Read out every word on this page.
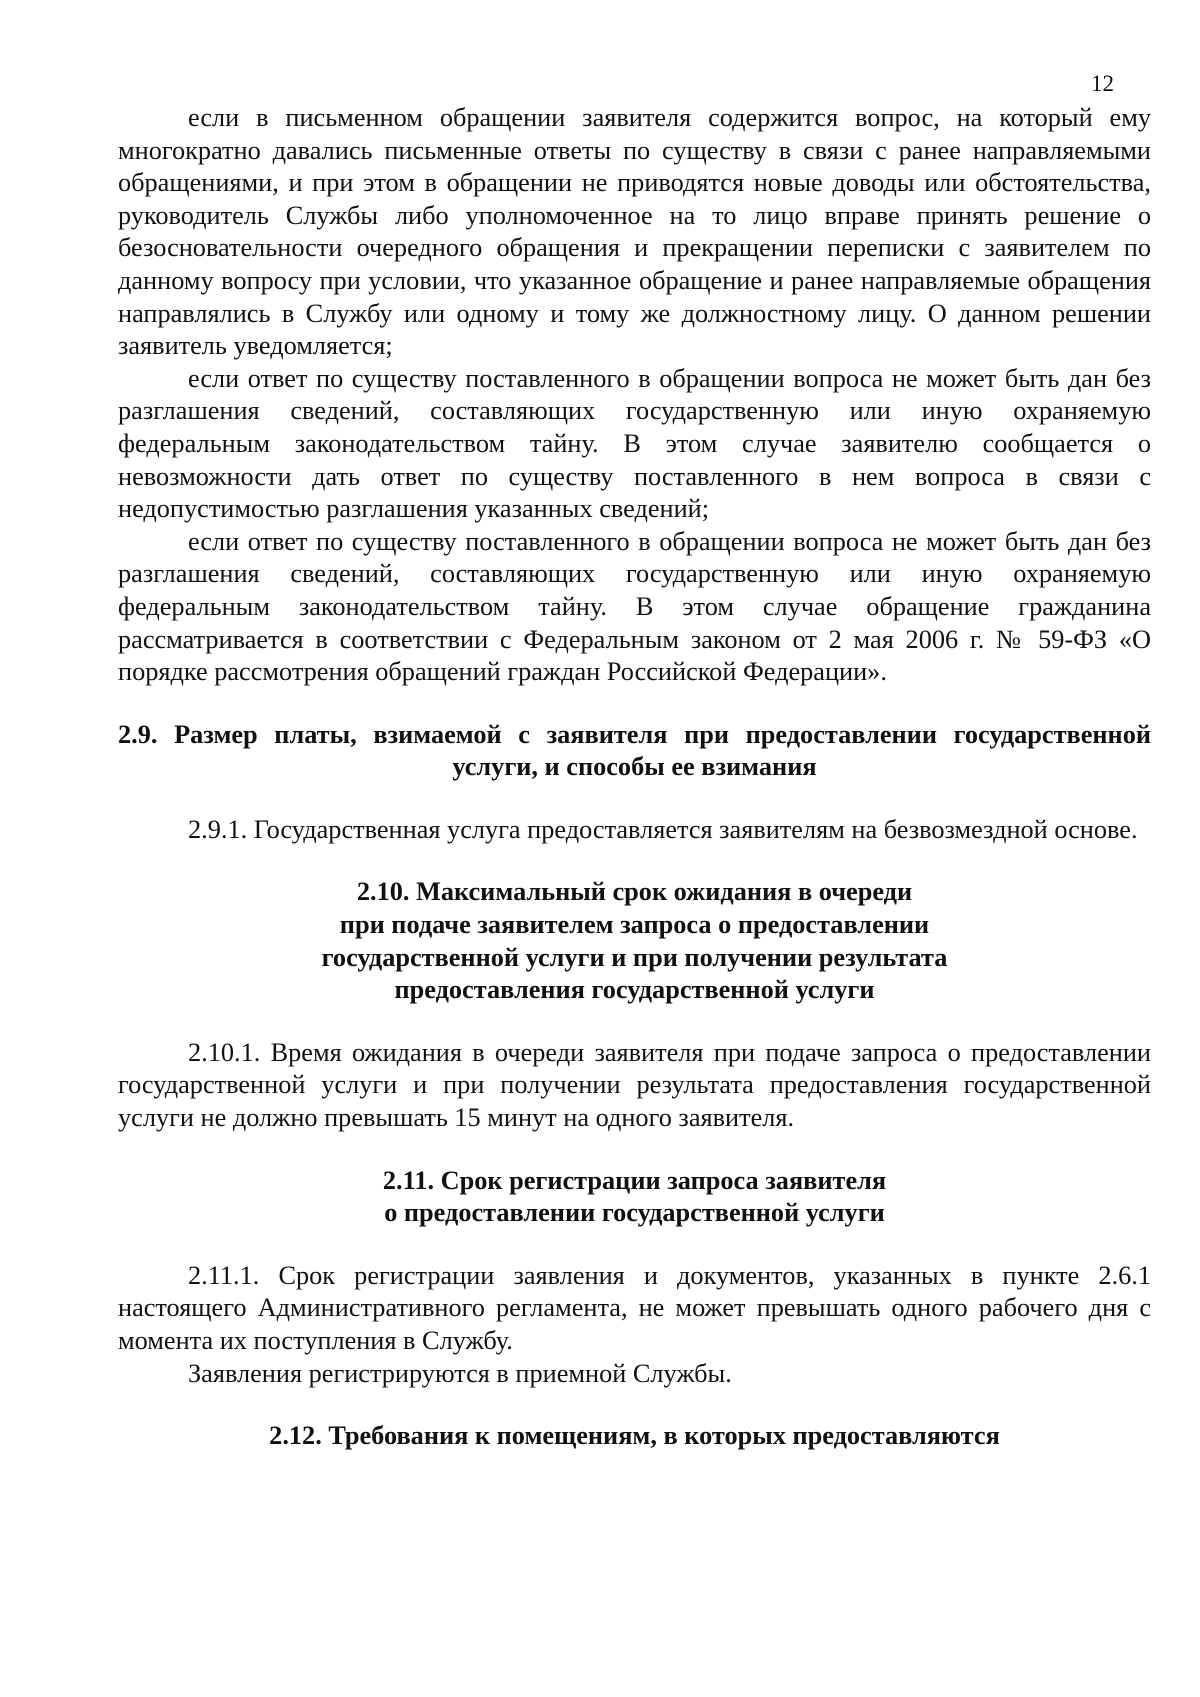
12

если в письменном обращении заявителя содержится вопрос, на который ему многократно давались письменные ответы по существу в связи с ранее направляемыми обращениями, и при этом в обращении не приводятся новые доводы или обстоятельства, руководитель Службы либо уполномоченное на то лицо вправе принять решение о безосновательности очередного обращения и прекращении переписки с заявителем по данному вопросу при условии, что указанное обращение и ранее направляемые обращения направлялись в Службу или одному и тому же должностному лицу. О данном решении заявитель уведомляется;

если ответ по существу поставленного в обращении вопроса не может быть дан без разглашения сведений, составляющих государственную или иную охраняемую федеральным законодательством тайну. В этом случае заявителю сообщается о невозможности дать ответ по существу поставленного в нем вопроса в связи с недопустимостью разглашения указанных сведений;

если ответ по существу поставленного в обращении вопроса не может быть дан без разглашения сведений, составляющих государственную или иную охраняемую федеральным законодательством тайну. В этом случае обращение гражданина рассматривается в соответствии с Федеральным законом от 2 мая 2006 г. № 59-ФЗ «О порядке рассмотрения обращений граждан Российской Федерации».

2.9. Размер платы, взимаемой с заявителя при предоставлении государственной
услуги, и способы ее взимания

2.9.1. Государственная услуга предоставляется заявителям на безвозмездной основе.

2.10. Максимальный срок ожидания в очереди
при подаче заявителем запроса о предоставлении
государственной услуги и при получении результата
предоставления государственной услуги

2.10.1. Время ожидания в очереди заявителя при подаче запроса о предоставлении государственной услуги и при получении результата предоставления государственной услуги не должно превышать 15 минут на одного заявителя.

2.11. Срок регистрации запроса заявителя
о предоставлении государственной услуги

2.11.1. Срок регистрации заявления и документов, указанных в пункте 2.6.1 настоящего Административного регламента, не может превышать одного рабочего дня с момента их поступления в Службу.

Заявления регистрируются в приемной Службы.

2.12. Требования к помещениям, в которых предоставляются
